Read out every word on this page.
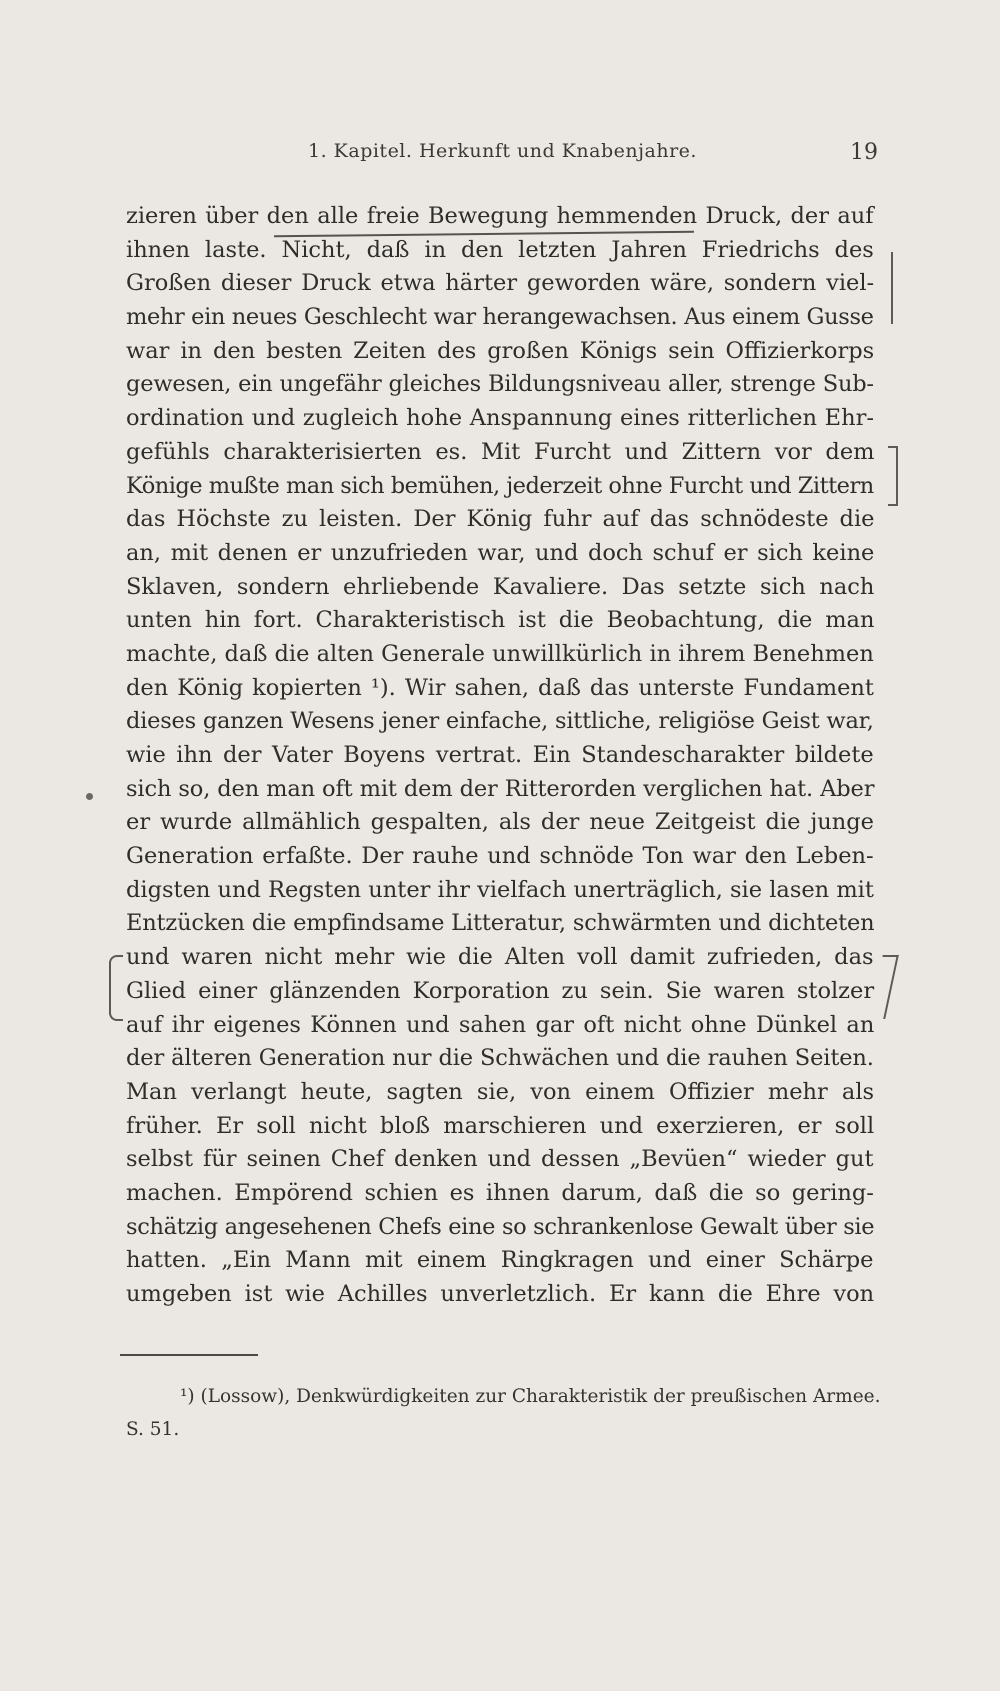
1. Kapitel. Herkunft und Knabenjahre.	19
zieren über den alle freie Bewegung hemmenden Druck, der auf
ihnen laste. Nicht, daß in den letzten Jahren Friedrichs des
Großen dieser Druck etwa härter geworden wäre, sondern viel-
mehr ein neues Geschlecht war herangewachsen. Aus einem Gusse
war in den besten Zeiten des großen Königs sein Offizierkorps
gewesen, ein ungefähr gleiches Bildungsniveau aller, strenge Sub-
ordination und zugleich hohe Anspannung eines ritterlichen Ehr-
gefühls charakterisierten es. Mit Furcht und Zittern vor dem
Könige mußte man sich bemühen, jederzeit ohne Furcht und Zittern
das Höchste zu leisten. Der König fuhr auf das schnödeste die
an, mit denen er unzufrieden war, und doch schuf er sich keine
Sklaven, sondern ehrliebende Kavaliere. Das setzte sich nach
unten hin fort. Charakteristisch ist die Beobachtung, die man
machte, daß die alten Generale unwillkürlich in ihrem Benehmen
den König kopierten ¹). Wir sahen, daß das unterste Fundament
dieses ganzen Wesens jener einfache, sittliche, religiöse Geist war,
wie ihn der Vater Boyens vertrat. Ein Standescharakter bildete
sich so, den man oft mit dem der Ritterorden verglichen hat. Aber
er wurde allmählich gespalten, als der neue Zeitgeist die junge
Generation erfaßte. Der rauhe und schnöde Ton war den Leben-
digsten und Regsten unter ihr vielfach unerträglich, sie lasen mit
Entzücken die empfindsame Litteratur, schwärmten und dichteten
und waren nicht mehr wie die Alten voll damit zufrieden, das
Glied einer glänzenden Korporation zu sein. Sie waren stolzer
auf ihr eigenes Können und sahen gar oft nicht ohne Dünkel an
der älteren Generation nur die Schwächen und die rauhen Seiten.
Man verlangt heute, sagten sie, von einem Offizier mehr als
früher. Er soll nicht bloß marschieren und exerzieren, er soll
selbst für seinen Chef denken und dessen „Bevüen“ wieder gut
machen. Empörend schien es ihnen darum, daß die so gering-
schätzig angesehenen Chefs eine so schrankenlose Gewalt über sie
hatten. „Ein Mann mit einem Ringkragen und einer Schärpe
umgeben ist wie Achilles unverletzlich. Er kann die Ehre von
¹) (Lossow), Denkwürdigkeiten zur Charakteristik der preußischen Armee.
S. 51.
